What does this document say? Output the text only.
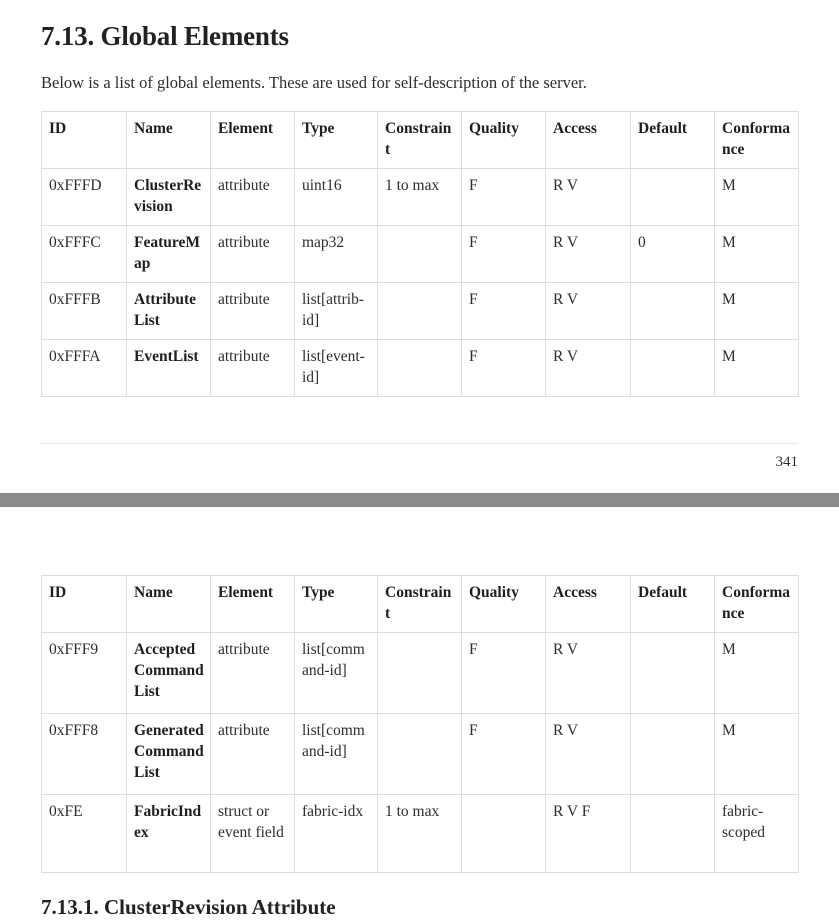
7.13. Global Elements

Below is a list of global elements. These are used for self-description of the server.

ID	Name	Element	Type	Constraint	Quality	Access	Default	Conformance
0xFFFD	ClusterRevision	attribute	uint16	1 to max	F	R V		M
0xFFFC	FeatureMap	attribute	map32		F	R V	0	M
0xFFFB	AttributeList	attribute	list[attrib-id]		F	R V		M
0xFFFA	EventList	attribute	list[event-id]		F	R V		M
341
ID	Name	Element	Type	Constraint	Quality	Access	Default	Conformance
0xFFF9	AcceptedCommandList	attribute	list[command-id]		F	R V		M
0xFFF8	GeneratedCommandList	attribute	list[command-id]		F	R V		M
0xFE	FabricIndex	struct or event field	fabric-idx	1 to max		R V F		fabric-scoped
7.13.1. ClusterRevision Attribute
